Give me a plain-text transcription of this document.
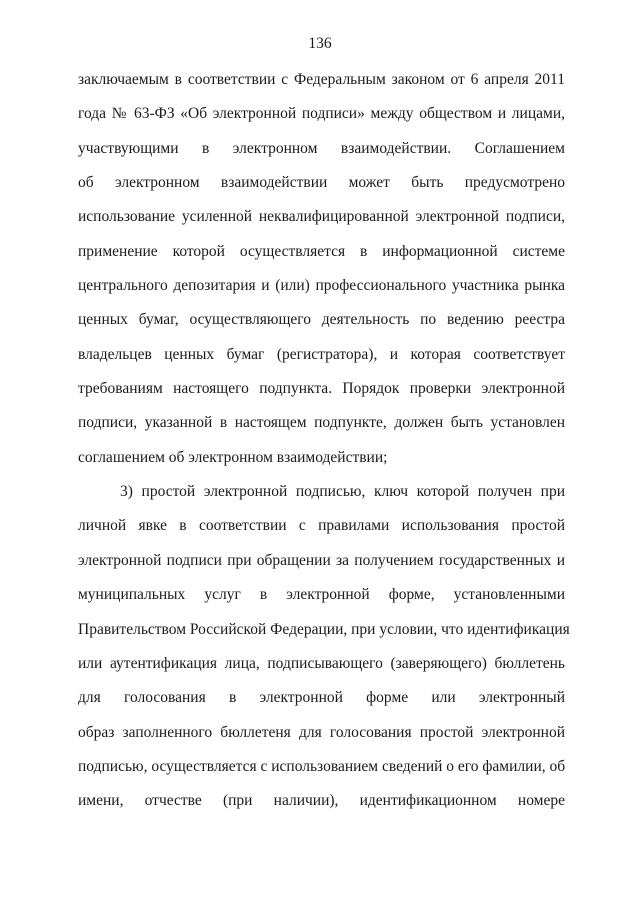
136
заключаемым в соответствии с Федеральным законом от 6 апреля 2011
года № 63-ФЗ «Об электронной подписи» между обществом и лицами,
участвующими в электронном взаимодействии. Соглашением
об электронном взаимодействии может быть предусмотрено
использование усиленной неквалифицированной электронной подписи,
применение которой осуществляется в информационной системе
центрального депозитария и (или) профессионального участника рынка
ценных бумаг, осуществляющего деятельность по ведению реестра
владельцев ценных бумаг (регистратора), и которая соответствует
требованиям настоящего подпункта. Порядок проверки электронной
подписи, указанной в настоящем подпункте, должен быть установлен
соглашением об электронном взаимодействии;
3) простой электронной подписью, ключ которой получен при
личной явке в соответствии с правилами использования простой
электронной подписи при обращении за получением государственных и
муниципальных услуг в электронной форме, установленными
Правительством Российской Федерации, при условии, что идентификация
или аутентификация лица, подписывающего (заверяющего) бюллетень
для голосования в электронной форме или электронный
образ заполненного бюллетеня для голосования простой электронной
подписью, осуществляется с использованием сведений о его фамилии, об
имени, отчестве (при наличии), идентификационном номере
